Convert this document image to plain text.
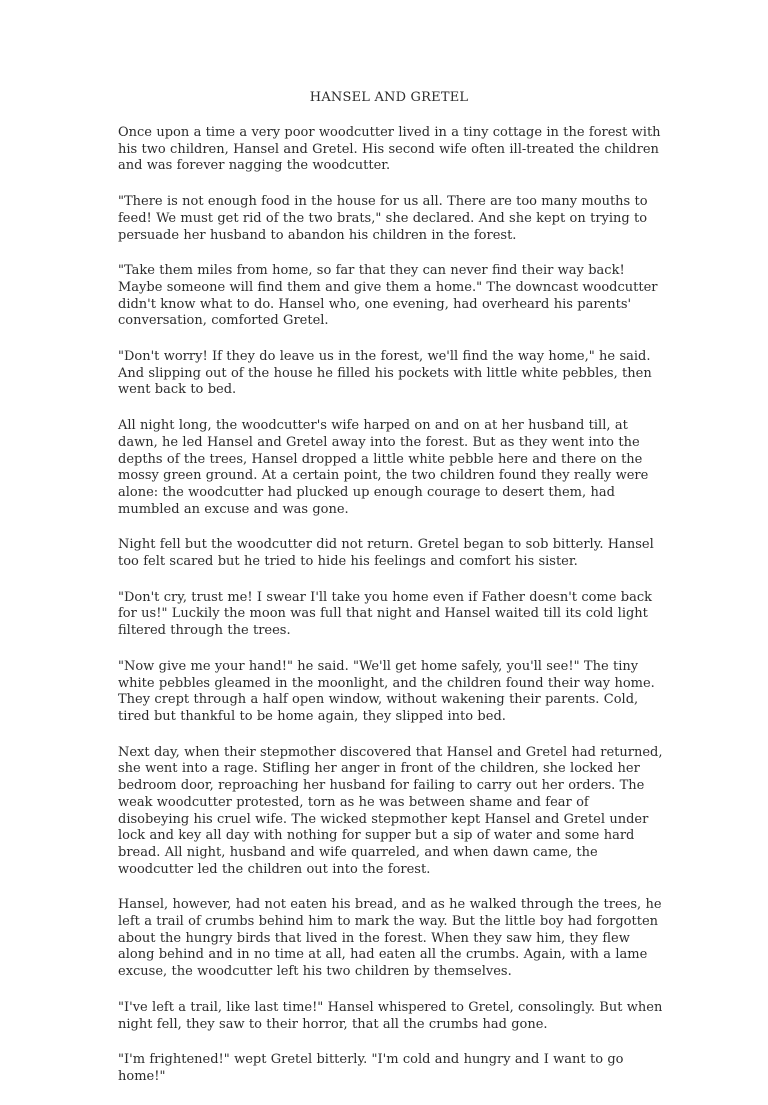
HANSEL AND GRETEL

Once upon a time a very poor woodcutter lived in a tiny cottage in the forest with his two children, Hansel and Gretel. His second wife often ill-treated the children and was forever nagging the woodcutter.

"There is not enough food in the house for us all. There are too many mouths to feed! We must get rid of the two brats," she declared. And she kept on trying to persuade her husband to abandon his children in the forest.

"Take them miles from home, so far that they can never find their way back! Maybe someone will find them and give them a home." The downcast woodcutter didn't know what to do. Hansel who, one evening, had overheard his parents' conversation, comforted Gretel.

"Don't worry! If they do leave us in the forest, we'll find the way home," he said. And slipping out of the house he filled his pockets with little white pebbles, then went back to bed.

All night long, the woodcutter's wife harped on and on at her husband till, at dawn, he led Hansel and Gretel away into the forest. But as they went into the depths of the trees, Hansel dropped a little white pebble here and there on the mossy green ground. At a certain point, the two children found they really were alone: the woodcutter had plucked up enough courage to desert them, had mumbled an excuse and was gone.

Night fell but the woodcutter did not return. Gretel began to sob bitterly. Hansel too felt scared but he tried to hide his feelings and comfort his sister.

"Don't cry, trust me! I swear I'll take you home even if Father doesn't come back for us!" Luckily the moon was full that night and Hansel waited till its cold light filtered through the trees.

"Now give me your hand!" he said. "We'll get home safely, you'll see!" The tiny white pebbles gleamed in the moonlight, and the children found their way home. They crept through a half open window, without wakening their parents. Cold, tired but thankful to be home again, they slipped into bed.

Next day, when their stepmother discovered that Hansel and Gretel had returned, she went into a rage. Stifling her anger in front of the children, she locked her bedroom door, reproaching her husband for failing to carry out her orders. The weak woodcutter protested, torn as he was between shame and fear of disobeying his cruel wife. The wicked stepmother kept Hansel and Gretel under lock and key all day with nothing for supper but a sip of water and some hard bread. All night, husband and wife quarreled, and when dawn came, the woodcutter led the children out into the forest.

Hansel, however, had not eaten his bread, and as he walked through the trees, he left a trail of crumbs behind him to mark the way. But the little boy had forgotten about the hungry birds that lived in the forest. When they saw him, they flew along behind and in no time at all, had eaten all the crumbs. Again, with a lame excuse, the woodcutter left his two children by themselves.

"I've left a trail, like last time!" Hansel whispered to Gretel, consolingly. But when night fell, they saw to their horror, that all the crumbs had gone.

"I'm frightened!" wept Gretel bitterly. "I'm cold and hungry and I want to go home!"
